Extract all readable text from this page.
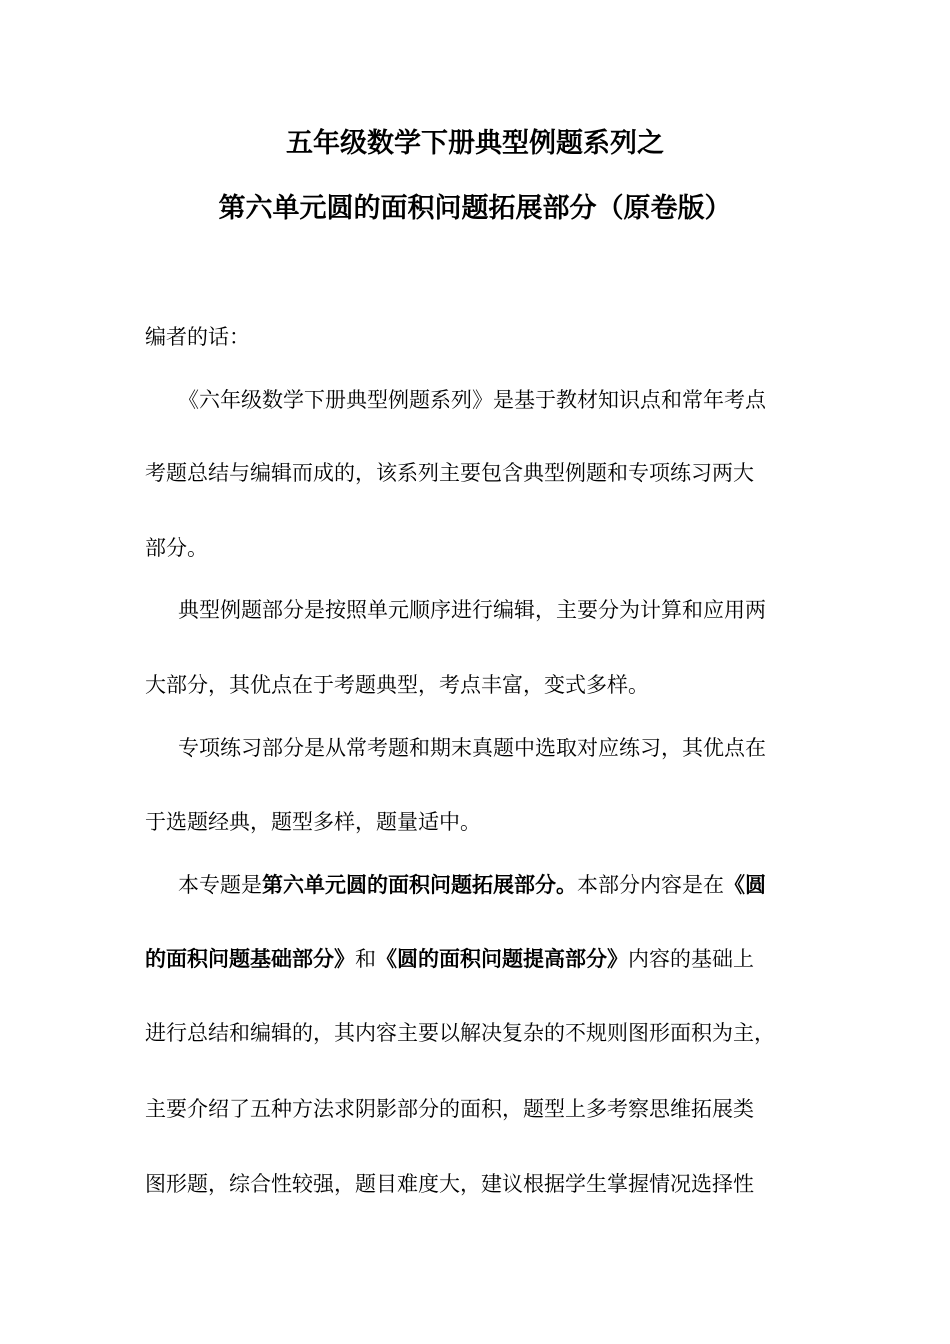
五年级数学下册典型例题系列之
第六单元圆的面积问题拓展部分（原卷版）
编者的话：
《六年级数学下册典型例题系列》是基于教材知识点和常年考点
考题总结与编辑而成的，该系列主要包含典型例题和专项练习两大
部分。
典型例题部分是按照单元顺序进行编辑，主要分为计算和应用两
大部分，其优点在于考题典型，考点丰富，变式多样。
专项练习部分是从常考题和期末真题中选取对应练习，其优点在
于选题经典，题型多样，题量适中。
本专题是第六单元圆的面积问题拓展部分。本部分内容是在《圆
的面积问题基础部分》和《圆的面积问题提高部分》内容的基础上
进行总结和编辑的，其内容主要以解决复杂的不规则图形面积为主，
主要介绍了五种方法求阴影部分的面积，题型上多考察思维拓展类
图形题，综合性较强，题目难度大，建议根据学生掌握情况选择性
